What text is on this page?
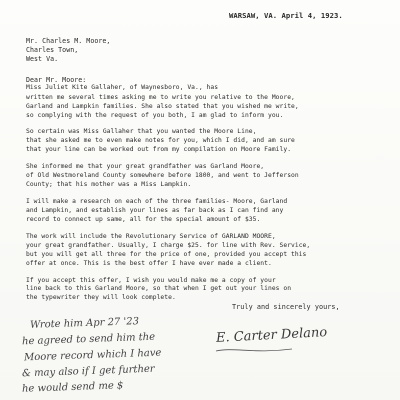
WARSAW, VA. April 4, 1923.
Mr. Charles M. Moore,
Charles Town,
West Va.
Dear Mr. Moore:
Miss Juliet Kite Gallaher, of Waynesboro, Va., has
written me several times asking me to write you relative to the Moore,
Garland and Lampkin families. She also stated that you wished me write,
so complying with the request of you both, I am glad to inform you.
So certain was Miss Gallaher that you wanted the Moore Line,
that she asked me to even make notes for you, which I did, and am sure
that your line can be worked out from my compilation on Moore Family.
She informed me that your great grandfather was Garland Moore,
of Old Westmoreland County somewhere before 1800, and went to Jefferson
County; that his mother was a Miss Lampkin.
I will make a research on each of the three families- Moore, Garland
and Lampkin, and establish your lines as far back as I can find any
record to connect up same, all for the special amount of $35.
The work will include the Revolutionary Service of GARLAND MOORE,
your great grandfather. Usually, I charge $25. for line with Rev. Service,
but you will get all three for the price of one, provided you accept this
offer at once. This is the best offer I have ever made a client.
If you accept this offer, I wish you would make me a copy of your
line back to this Garland Moore, so that when I get out your lines on
the typewriter they will look complete.
Truly and sincerely yours,
E. Carter Delano
Wrote him Apr 27 '23
he agreed to send him the
Moore record which I have
& may also if I get further
he would send me $
